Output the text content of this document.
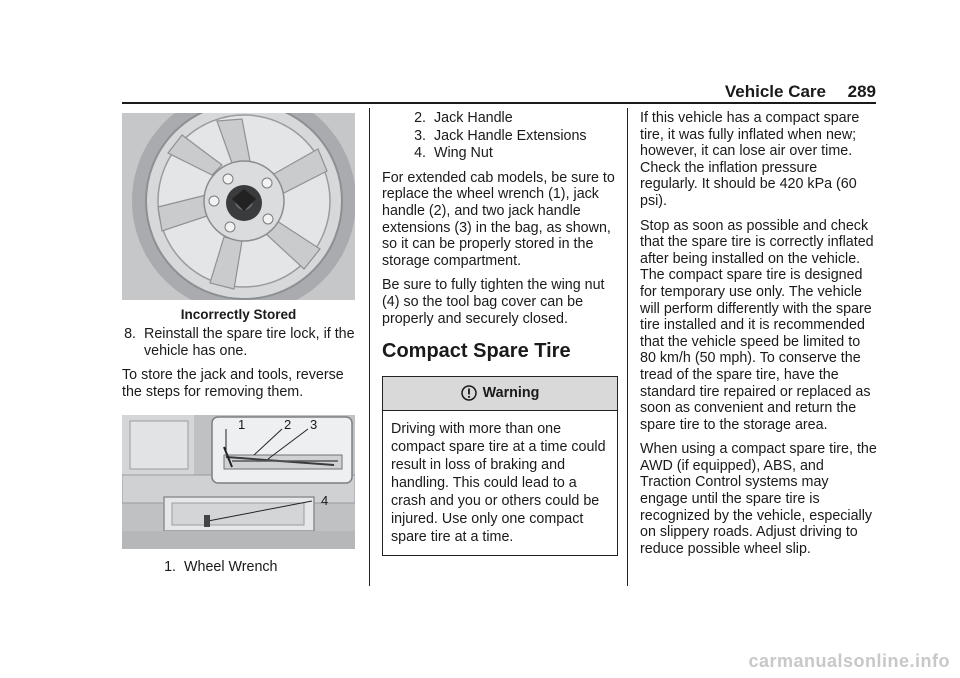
Vehicle Care 289
Incorrectly Stored
8. Reinstall the spare tire lock, if the vehicle has one.

To store the jack and tools, reverse the steps for removing them.

1	2 3
4
1. Wheel Wrench
2. Jack Handle
3. Jack Handle Extensions
4. Wing Nut

For extended cab models, be sure to replace the wheel wrench (1), jack handle (2), and two jack handle extensions (3) in the bag, as shown, so it can be properly stored in the storage compartment.

Be sure to fully tighten the wing nut (4) so the tool bag cover can be properly and securely closed.

Compact Spare Tire
Warning
Driving with more than one compact spare tire at a time could result in loss of braking and handling. This could lead to a crash and you or others could be injured. Use only one compact spare tire at a time.

If this vehicle has a compact spare tire, it was fully inflated when new; however, it can lose air over time. Check the inflation pressure regularly. It should be 420 kPa (60 psi).

Stop as soon as possible and check that the spare tire is correctly inflated after being installed on the vehicle. The compact spare tire is designed for temporary use only. The vehicle will perform differently with the spare tire installed and it is recommended that the vehicle speed be limited to 80 km/h (50 mph). To conserve the tread of the spare tire, have the standard tire repaired or replaced as soon as convenient and return the spare tire to the storage area.

When using a compact spare tire, the AWD (if equipped), ABS, and Traction Control systems may engage until the spare tire is recognized by the vehicle, especially on slippery roads. Adjust driving to reduce possible wheel slip.

carmanualsonline.info
